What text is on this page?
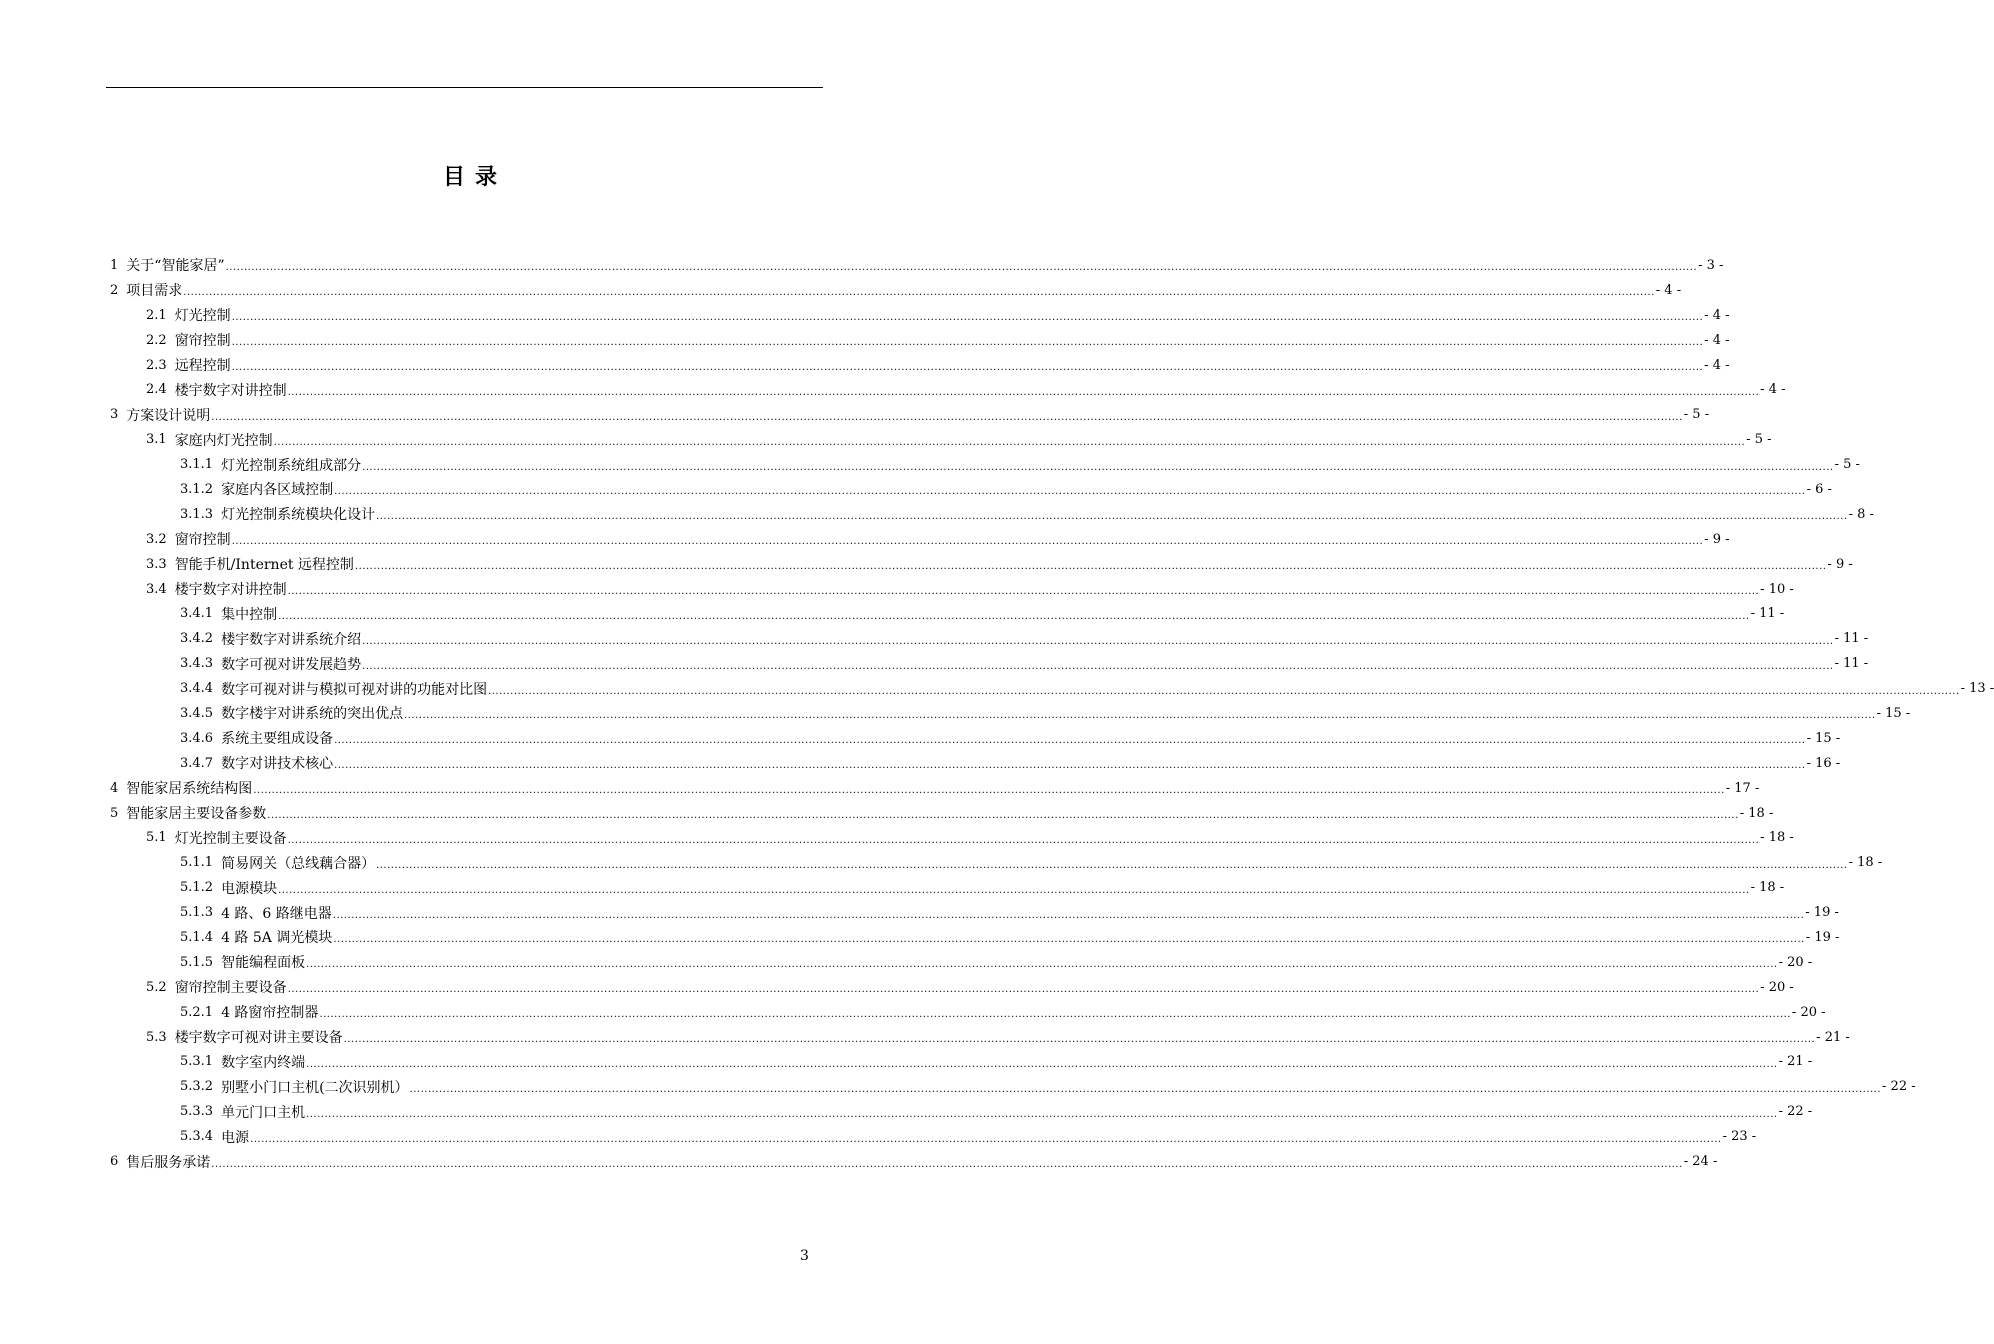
目录
1 关于“智能家居” ................................................................................................................................................................................................................................................................................................................................................................................................................ - 3 -
2 项目需求 ................................................................................................................................................................................................................................................................................................................................................................................................................ - 4 -
2.1 灯光控制 ................................................................................................................................................................................................................................................................................................................................................................................................................ - 4 -
2.2 窗帘控制 ................................................................................................................................................................................................................................................................................................................................................................................................................ - 4 -
2.3 远程控制 ................................................................................................................................................................................................................................................................................................................................................................................................................ - 4 -
2.4 楼宇数字对讲控制 ................................................................................................................................................................................................................................................................................................................................................................................................................ - 4 -
3 方案设计说明 ................................................................................................................................................................................................................................................................................................................................................................................................................ - 5 -
3.1 家庭内灯光控制 ................................................................................................................................................................................................................................................................................................................................................................................................................ - 5 -
3.1.1 灯光控制系统组成部分 ................................................................................................................................................................................................................................................................................................................................................................................................................ - 5 -
3.1.2 家庭内各区域控制 ................................................................................................................................................................................................................................................................................................................................................................................................................ - 6 -
3.1.3 灯光控制系统模块化设计 ................................................................................................................................................................................................................................................................................................................................................................................................................ - 8 -
3.2 窗帘控制 ................................................................................................................................................................................................................................................................................................................................................................................................................ - 9 -
3.3 智能手机/Internet 远程控制 ................................................................................................................................................................................................................................................................................................................................................................................................................ - 9 -
3.4 楼宇数字对讲控制 ................................................................................................................................................................................................................................................................................................................................................................................................................ - 10 -
3.4.1 集中控制 ................................................................................................................................................................................................................................................................................................................................................................................................................ - 11 -
3.4.2 楼宇数字对讲系统介绍 ................................................................................................................................................................................................................................................................................................................................................................................................................ - 11 -
3.4.3 数字可视对讲发展趋势 ................................................................................................................................................................................................................................................................................................................................................................................................................ - 11 -
3.4.4 数字可视对讲与模拟可视对讲的功能对比图 ................................................................................................................................................................................................................................................................................................................................................................................................................ - 13 -
3.4.5 数字楼宇对讲系统的突出优点 ................................................................................................................................................................................................................................................................................................................................................................................................................ - 15 -
3.4.6 系统主要组成设备 ................................................................................................................................................................................................................................................................................................................................................................................................................ - 15 -
3.4.7 数字对讲技术核心 ................................................................................................................................................................................................................................................................................................................................................................................................................ - 16 -
4 智能家居系统结构图 ................................................................................................................................................................................................................................................................................................................................................................................................................ - 17 -
5 智能家居主要设备参数 ................................................................................................................................................................................................................................................................................................................................................................................................................ - 18 -
5.1 灯光控制主要设备 ................................................................................................................................................................................................................................................................................................................................................................................................................ - 18 -
5.1.1 简易网关（总线藕合器） ................................................................................................................................................................................................................................................................................................................................................................................................................ - 18 -
5.1.2 电源模块 ................................................................................................................................................................................................................................................................................................................................................................................................................ - 18 -
5.1.3 4 路、6 路继电器 ................................................................................................................................................................................................................................................................................................................................................................................................................ - 19 -
5.1.4 4 路 5A 调光模块 ................................................................................................................................................................................................................................................................................................................................................................................................................ - 19 -
5.1.5 智能编程面板 ................................................................................................................................................................................................................................................................................................................................................................................................................ - 20 -
5.2 窗帘控制主要设备 ................................................................................................................................................................................................................................................................................................................................................................................................................ - 20 -
5.2.1 4 路窗帘控制器 ................................................................................................................................................................................................................................................................................................................................................................................................................ - 20 -
5.3 楼宇数字可视对讲主要设备 ................................................................................................................................................................................................................................................................................................................................................................................................................ - 21 -
5.3.1 数字室内终端 ................................................................................................................................................................................................................................................................................................................................................................................................................ - 21 -
5.3.2 别墅小门口主机(二次识别机） ................................................................................................................................................................................................................................................................................................................................................................................................................ - 22 -
5.3.3 单元门口主机 ................................................................................................................................................................................................................................................................................................................................................................................................................ - 22 -
5.3.4 电源 ................................................................................................................................................................................................................................................................................................................................................................................................................ - 23 -
6 售后服务承诺 ................................................................................................................................................................................................................................................................................................................................................................................................................ - 24 -
3
